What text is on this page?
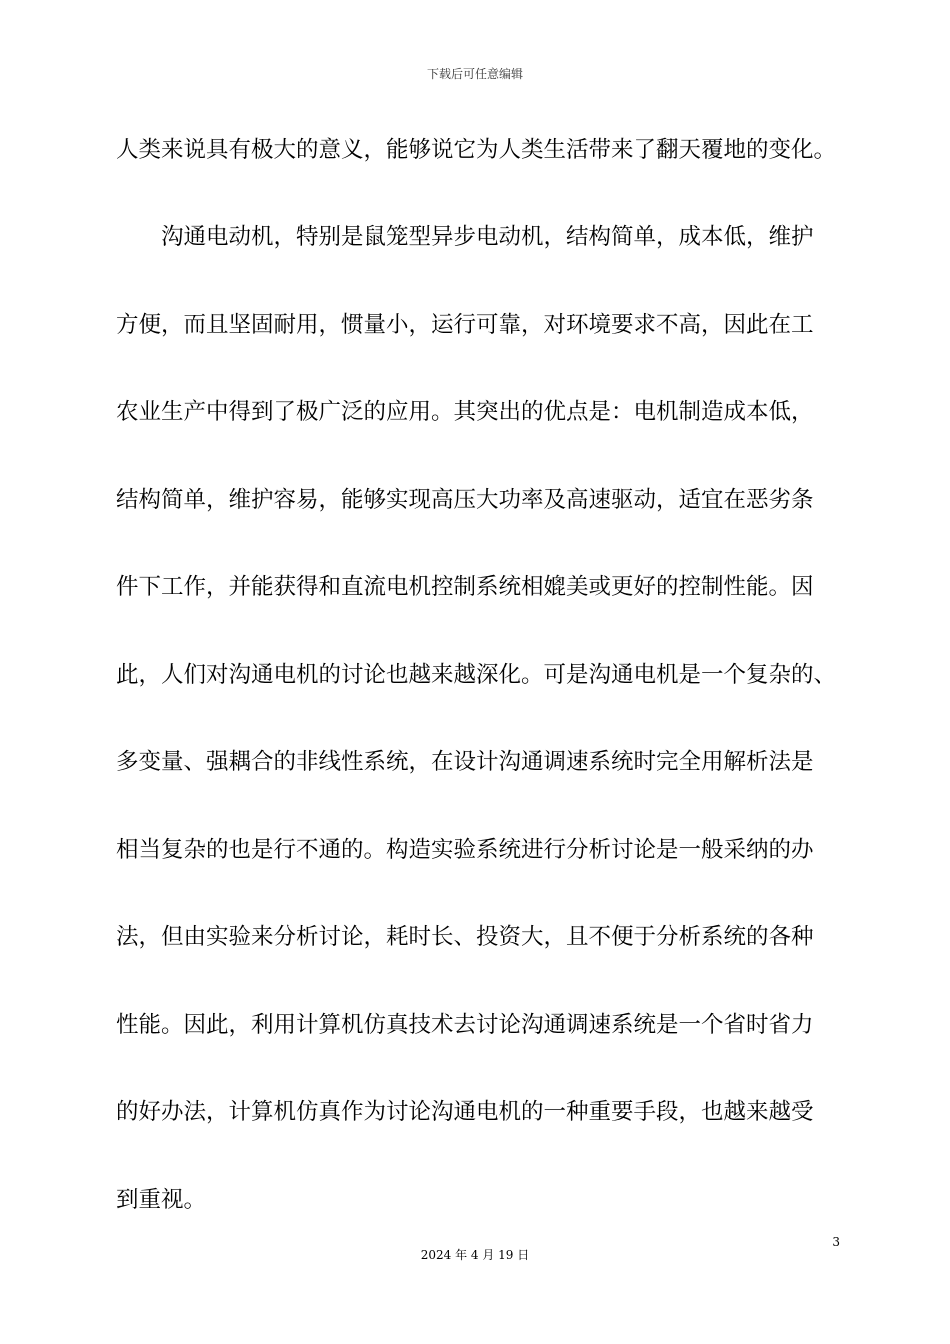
下载后可任意编辑
人类来说具有极大的意义，能够说它为人类生活带来了翻天覆地的变化。
沟通电动机，特别是鼠笼型异步电动机，结构简单，成本低，维护
方便，而且坚固耐用，惯量小，运行可靠，对环境要求不高，因此在工
农业生产中得到了极广泛的应用。其突出的优点是：电机制造成本低，
结构简单，维护容易，能够实现高压大功率及高速驱动，适宜在恶劣条
件下工作，并能获得和直流电机控制系统相媲美或更好的控制性能。因
此，人们对沟通电机的讨论也越来越深化。可是沟通电机是一个复杂的、
多变量、强耦合的非线性系统，在设计沟通调速系统时完全用解析法是
相当复杂的也是行不通的。构造实验系统进行分析讨论是一般采纳的办
法，但由实验来分析讨论，耗时长、投资大，且不便于分析系统的各种
性能。因此，利用计算机仿真技术去讨论沟通调速系统是一个省时省力
的好办法，计算机仿真作为讨论沟通电机的一种重要手段，也越来越受
到重视。
3
2024 年 4 月 19 日
